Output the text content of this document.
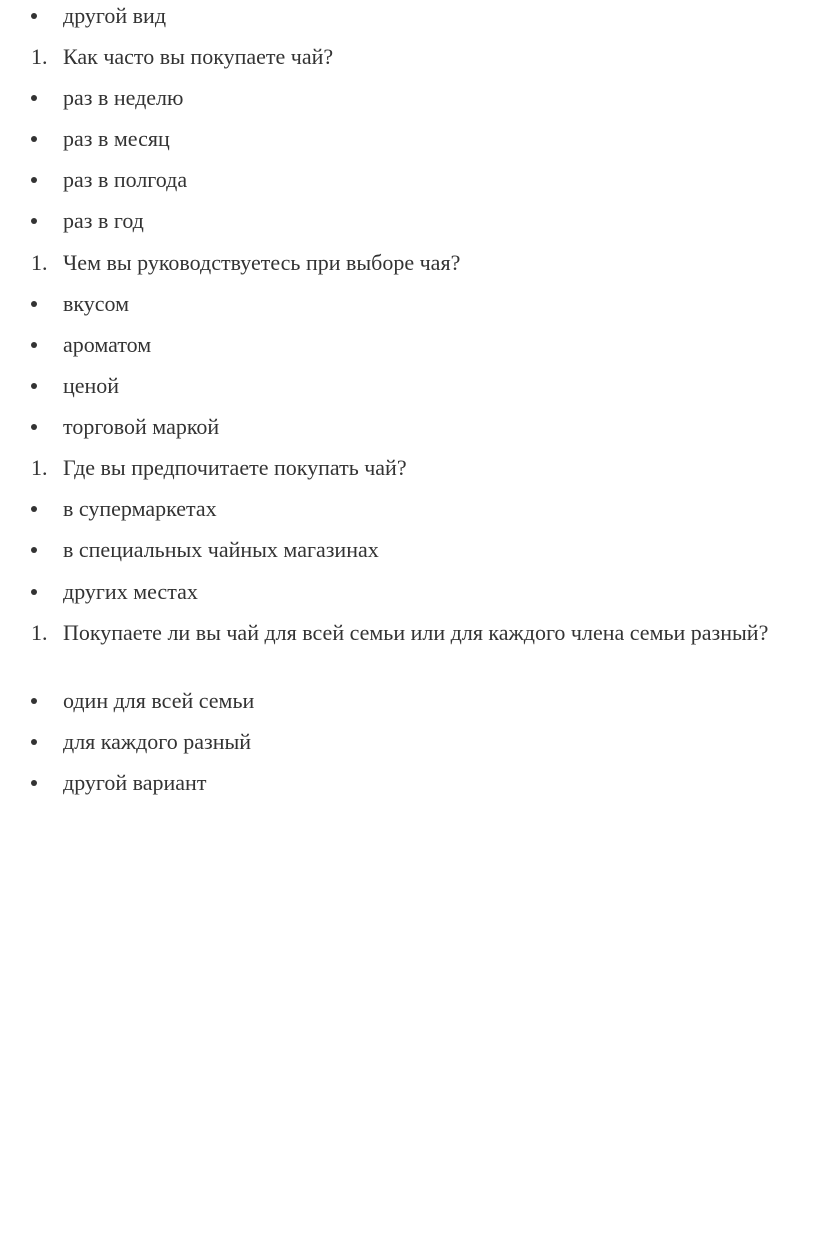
другой вид
1. Как часто вы покупаете чай?
раз в неделю
раз в месяц
раз в полгода
раз в год
1. Чем вы руководствуетесь при выборе чая?
вкусом
ароматом
ценой
торговой маркой
1. Где вы предпочитаете покупать чай?
в супермаркетах
в специальных чайных магазинах
других местах
1. Покупаете ли вы чай для всей семьи или для каждого члена семьи разный?
один для всей семьи
для каждого разный
другой вариант
